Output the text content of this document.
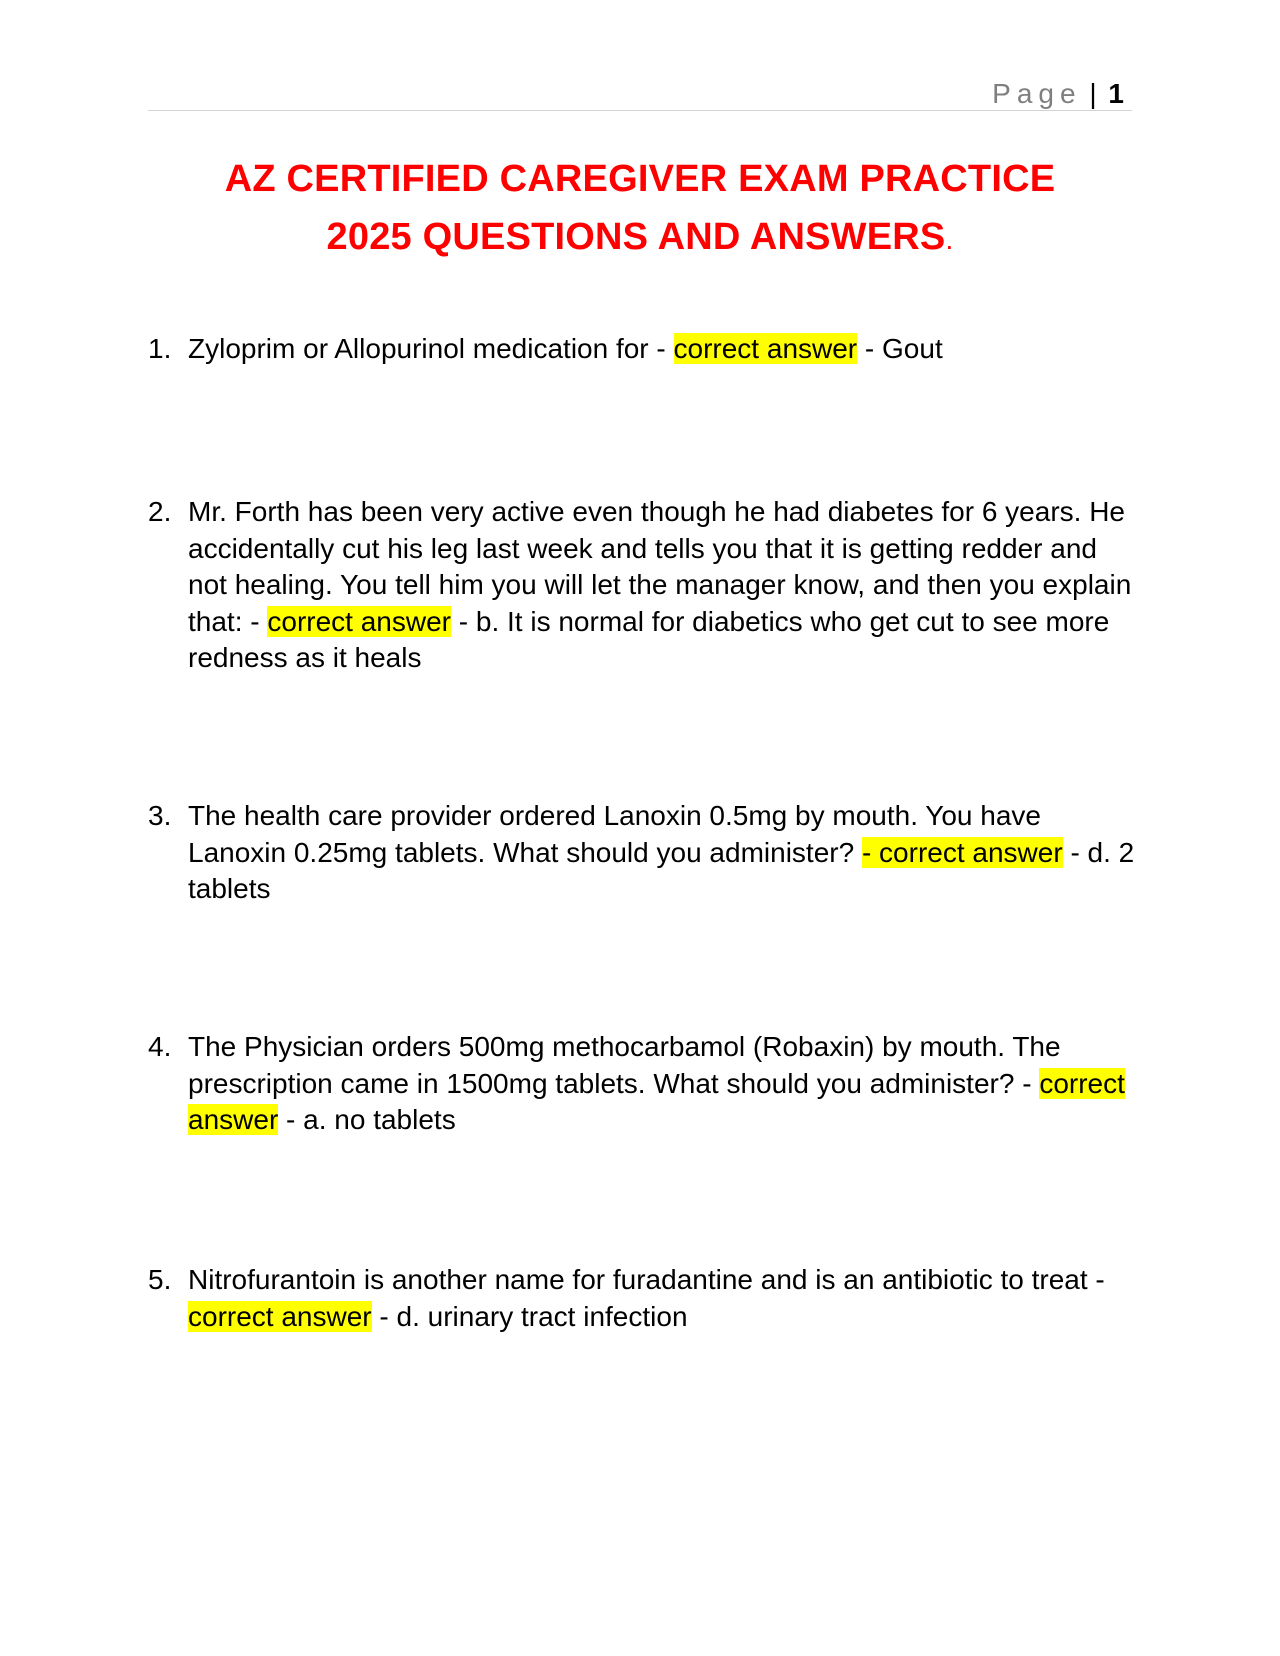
Page | 1
AZ CERTIFIED CAREGIVER EXAM PRACTICE
2025 QUESTIONS AND ANSWERS.
1. Zyloprim or Allopurinol medication for - correct answer - Gout
2. Mr. Forth has been very active even though he had diabetes for 6 years. He accidentally cut his leg last week and tells you that it is getting redder and not healing. You tell him you will let the manager know, and then you explain that: - correct answer - b. It is normal for diabetics who get cut to see more redness as it heals
3. The health care provider ordered Lanoxin 0.5mg by mouth. You have Lanoxin 0.25mg tablets. What should you administer? - correct answer - d. 2 tablets
4. The Physician orders 500mg methocarbamol (Robaxin) by mouth. The prescription came in 1500mg tablets. What should you administer? - correct answer - a. no tablets
5. Nitrofurantoin is another name for furadantine and is an antibiotic to treat - correct answer - d. urinary tract infection
